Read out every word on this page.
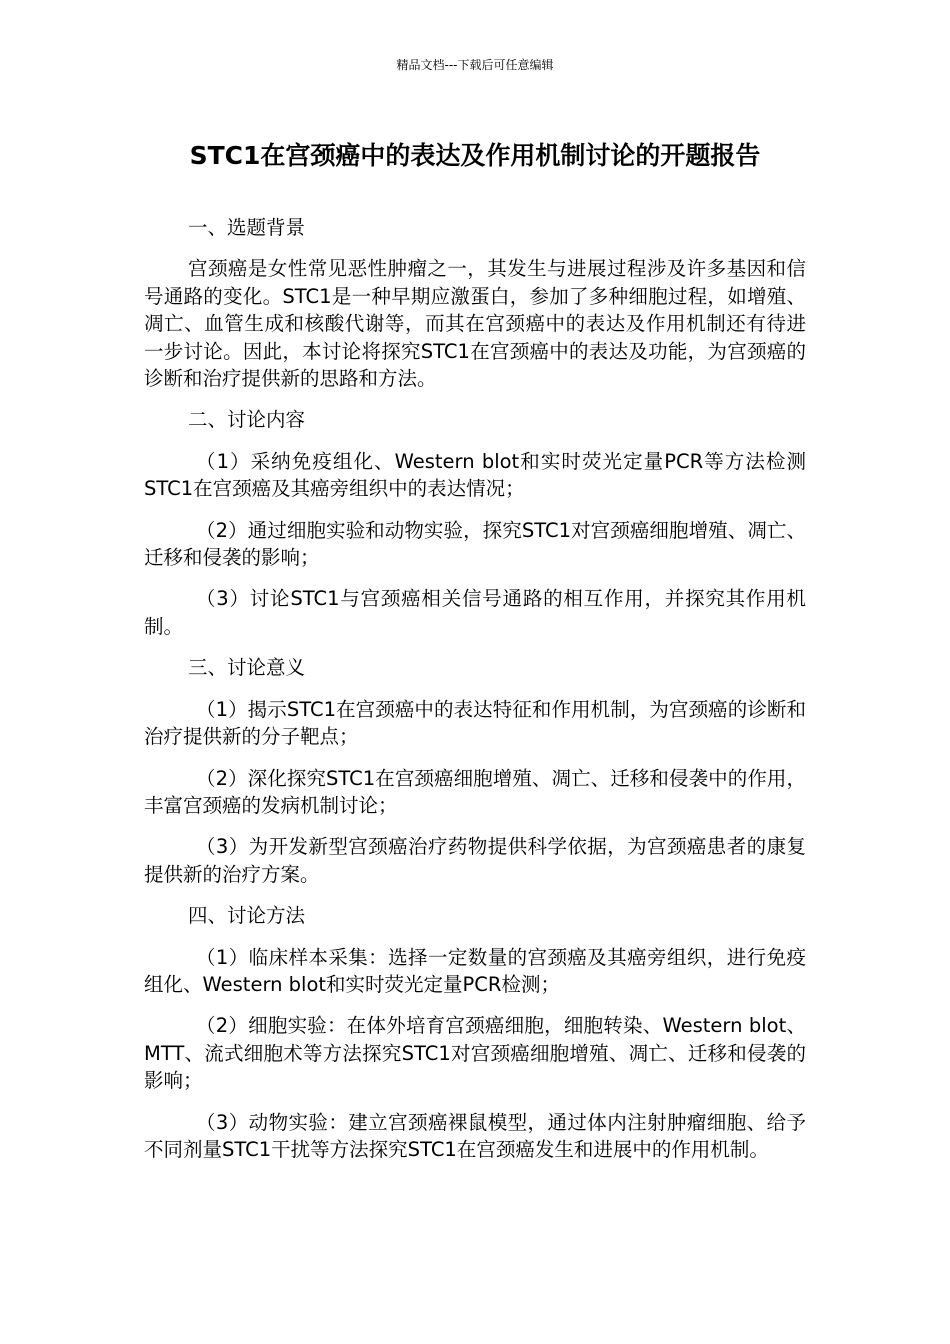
精品文档---下载后可任意编辑
STC1在宫颈癌中的表达及作用机制讨论的开题报告
一、选题背景
宫颈癌是女性常见恶性肿瘤之一，其发生与进展过程涉及许多基因和信号通路的变化。STC1是一种早期应激蛋白，参加了多种细胞过程，如增殖、凋亡、血管生成和核酸代谢等，而其在宫颈癌中的表达及作用机制还有待进一步讨论。因此，本讨论将探究STC1在宫颈癌中的表达及功能，为宫颈癌的诊断和治疗提供新的思路和方法。
二、讨论内容
（1）采纳免疫组化、Western blot和实时荧光定量PCR等方法检测STC1在宫颈癌及其癌旁组织中的表达情况；
（2）通过细胞实验和动物实验，探究STC1对宫颈癌细胞增殖、凋亡、迁移和侵袭的影响；
（3）讨论STC1与宫颈癌相关信号通路的相互作用，并探究其作用机制。
三、讨论意义
（1）揭示STC1在宫颈癌中的表达特征和作用机制，为宫颈癌的诊断和治疗提供新的分子靶点；
（2）深化探究STC1在宫颈癌细胞增殖、凋亡、迁移和侵袭中的作用，丰富宫颈癌的发病机制讨论；
（3）为开发新型宫颈癌治疗药物提供科学依据，为宫颈癌患者的康复提供新的治疗方案。
四、讨论方法
（1）临床样本采集：选择一定数量的宫颈癌及其癌旁组织，进行免疫组化、Western blot和实时荧光定量PCR检测；
（2）细胞实验：在体外培育宫颈癌细胞，细胞转染、Western blot、MTT、流式细胞术等方法探究STC1对宫颈癌细胞增殖、凋亡、迁移和侵袭的影响；
（3）动物实验：建立宫颈癌裸鼠模型，通过体内注射肿瘤细胞、给予不同剂量STC1干扰等方法探究STC1在宫颈癌发生和进展中的作用机制。
